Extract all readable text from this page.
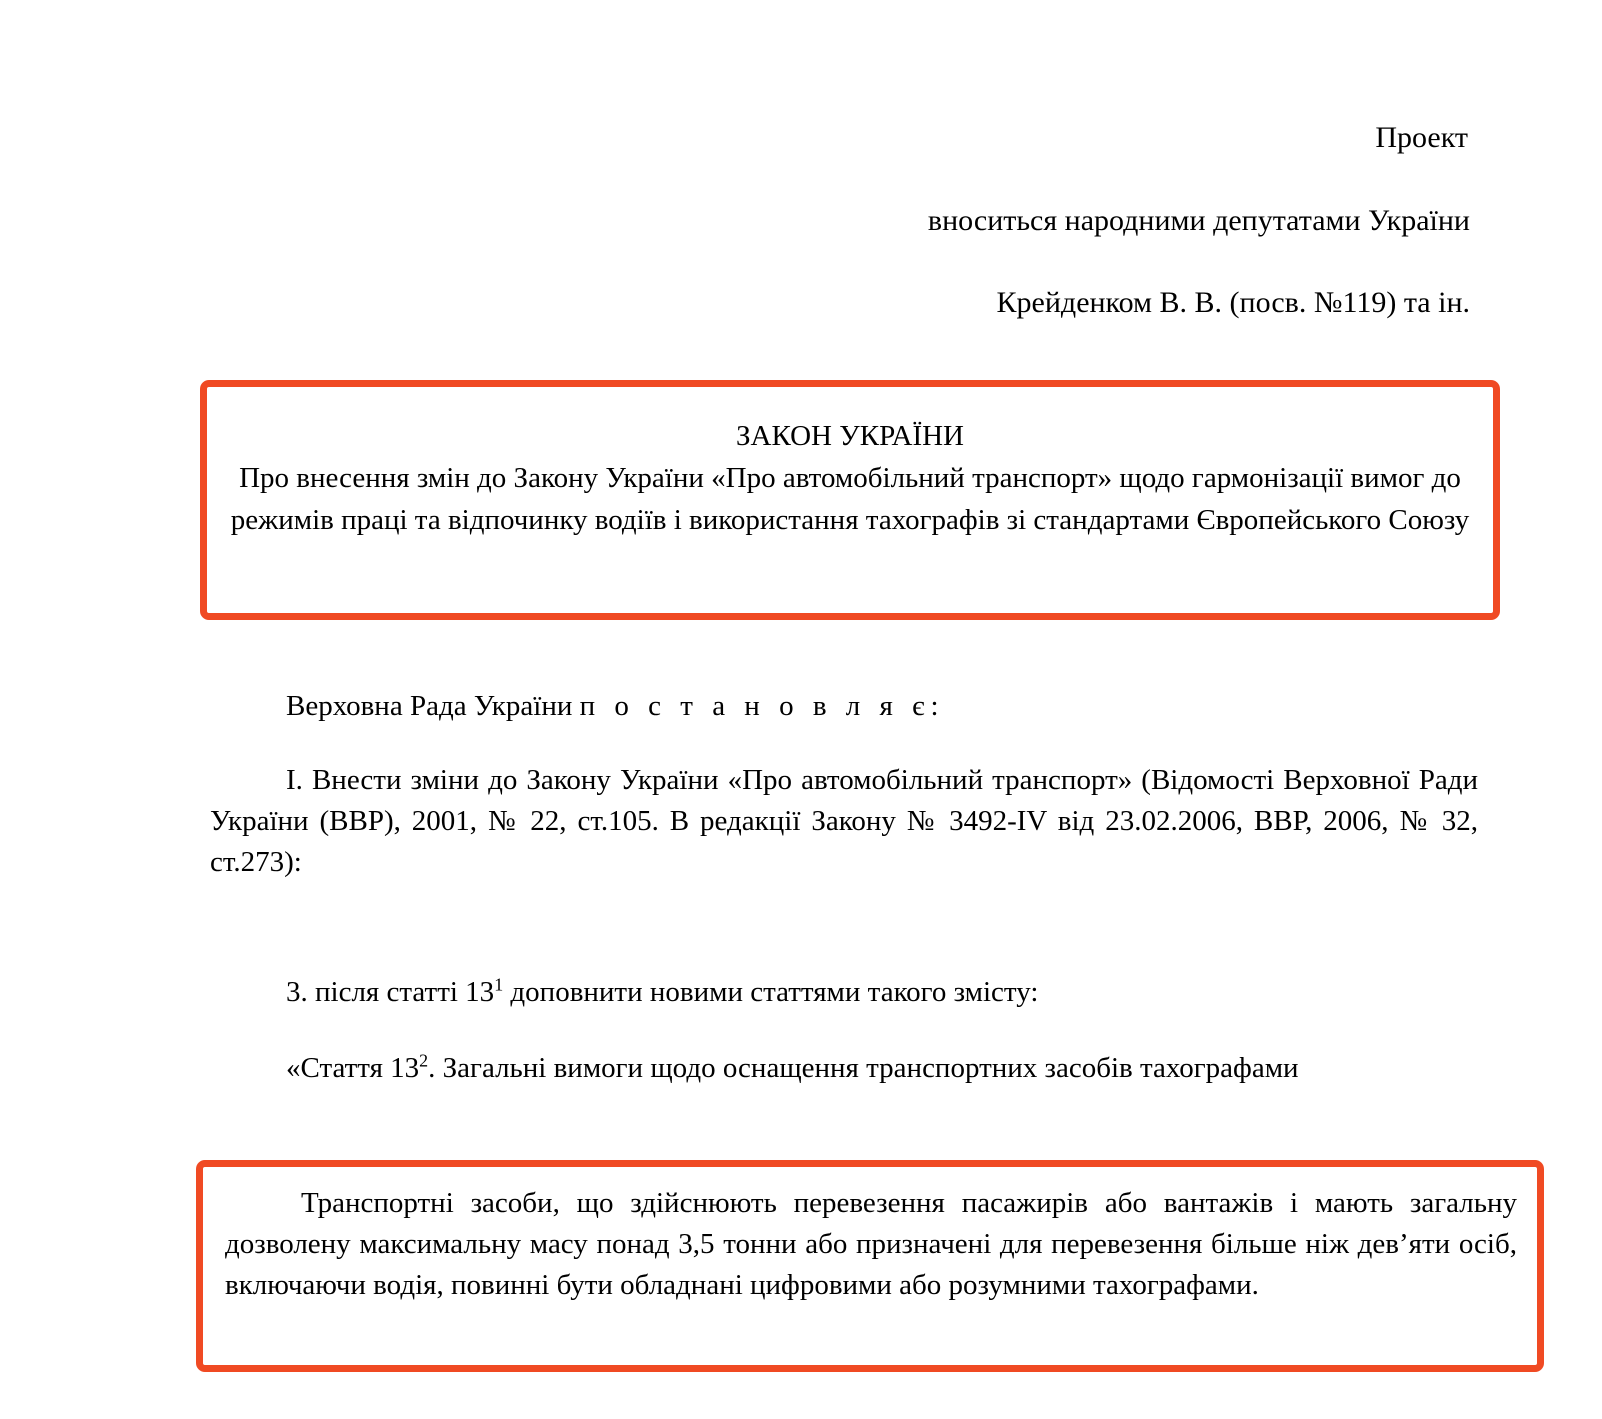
Проект
вноситься народними депутатами України
Крейденком В. В. (посв. №119) та ін.
ЗАКОН УКРАЇНИ
Про внесення змін до Закону України «Про автомобільний транспорт» щодо гармонізації вимог до режимів праці та відпочинку водіїв і використання тахографів зі стандартами Європейського Союзу

Верховна Рада України п о с т а н о в л я є:

I. Внести зміни до Закону України «Про автомобільний транспорт» (Відомості Верховної Ради України (ВВР), 2001, № 22, ст.105. В редакції Закону № 3492-IV від 23.02.2006, ВВР, 2006, № 32, ст.273):

3. після статті $13^1$ доповнити новими статтями такого змісту:

«Стаття $13^2$. Загальні вимоги щодо оснащення транспортних засобів тахографами

Транспортні засоби, що здійснюють перевезення пасажирів або вантажів і мають загальну дозволену максимальну масу понад 3,5 тонни або призначені для перевезення більше ніж дев’яти осіб, включаючи водія, повинні бути обладнані цифровими або розумними тахографами.
